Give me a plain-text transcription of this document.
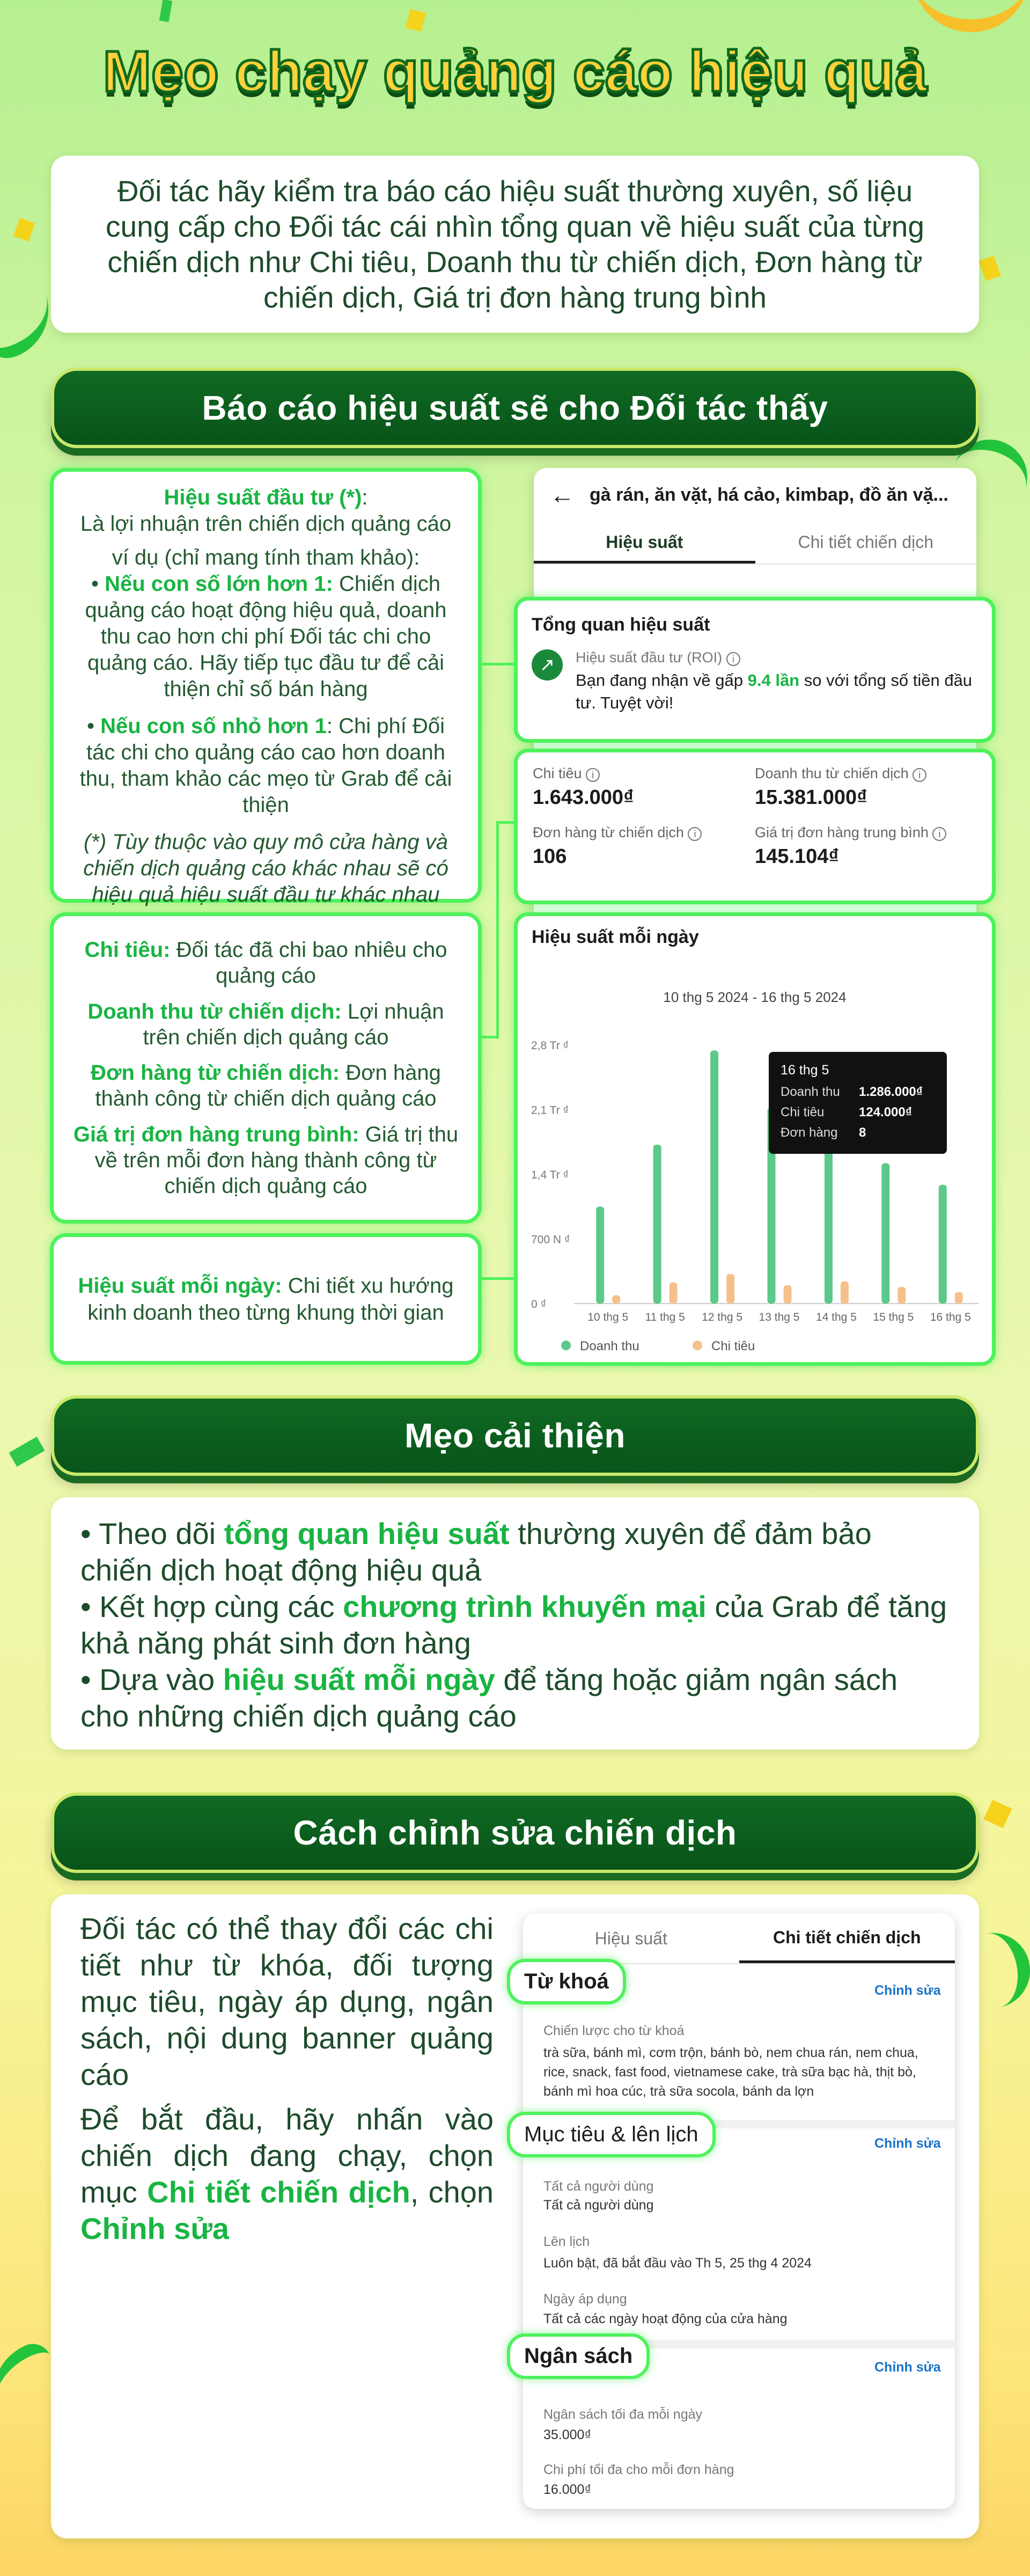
Mẹo chạy quảng cáo hiệu quả
Đối tác hãy kiểm tra báo cáo hiệu suất thường xuyên, số liệu cung cấp cho Đối tác cái nhìn tổng quan về hiệu suất của từng chiến dịch như Chi tiêu, Doanh thu từ chiến dịch, Đơn hàng từ chiến dịch, Giá trị đơn hàng trung bình
Báo cáo hiệu suất sẽ cho Đối tác thấy
Hiệu suất đầu tư (*):
Là lợi nhuận trên chiến dịch quảng cáo
ví dụ (chỉ mang tính tham khảo):
• Nếu con số lớn hơn 1: Chiến dịch quảng cáo hoạt động hiệu quả, doanh thu cao hơn chi phí Đối tác chi cho quảng cáo. Hãy tiếp tục đầu tư để cải thiện chỉ số bán hàng
• Nếu con số nhỏ hơn 1: Chi phí Đối tác chi cho quảng cáo cao hơn doanh thu, tham khảo các mẹo từ Grab để cải thiện
(*) Tùy thuộc vào quy mô cửa hàng và chiến dịch quảng cáo khác nhau sẽ có hiệu quả hiệu suất đầu tư khác nhau
Chi tiêu: Đối tác đã chi bao nhiêu cho quảng cáo
Doanh thu từ chiến dịch: Lợi nhuận trên chiến dịch quảng cáo
Đơn hàng từ chiến dịch: Đơn hàng thành công từ chiến dịch quảng cáo
Giá trị đơn hàng trung bình: Giá trị thu về trên mỗi đơn hàng thành công từ chiến dịch quảng cáo
Hiệu suất mỗi ngày: Chi tiết xu hướng kinh doanh theo từng khung thời gian
← gà rán, ăn vặt, há cảo, kimbap, đồ ăn vặ...
Hiệu suất	Chi tiết chiến dịch
Tổng quan hiệu suất
↗	Hiệu suất đầu tư (ROI) i
Bạn đang nhận về gấp 9.4 lần so với tổng số tiền đầu tư. Tuyệt vời!
Chi tiêu i
1.643.000₫
Doanh thu từ chiến dịch i
15.381.000₫
Đơn hàng từ chiến dịch i
106
Giá trị đơn hàng trung bình i
145.104₫
Hiệu suất mỗi ngày
10 thg 5 2024 - 16 thg 5 2024
2,8 Tr ₫
2,1 Tr ₫
1,4 Tr ₫
700 N ₫
0 ₫
10 thg 5 11 thg 5 12 thg 5 13 thg 5 14 thg 5 15 thg 5 16 thg 5
Doanh thu	Chi tiêu
16 thg 5
Doanh thu 1.286.000₫
Chi tiêu	124.000₫
Đơn hàng 8
Mẹo cải thiện
• Theo dõi tổng quan hiệu suất thường xuyên để đảm bảo chiến dịch hoạt động hiệu quả
• Kết hợp cùng các chương trình khuyến mại của Grab để tăng khả năng phát sinh đơn hàng
• Dựa vào hiệu suất mỗi ngày để tăng hoặc giảm ngân sách cho những chiến dịch quảng cáo
Cách chỉnh sửa chiến dịch
Đối tác có thể thay đổi các chi tiết như từ khóa, đối tượng mục tiêu, ngày áp dụng, ngân sách, nội dung banner quảng cáo
Để bắt đầu, hãy nhấn vào chiến dịch đang chạy, chọn mục Chi tiết chiến dịch, chọn Chỉnh sửa
Hiệu suất	Chi tiết chiến dịch
Chỉnh sửa
Chiến lược cho từ khoá
trà sữa, bánh mì, cơm trộn, bánh bò, nem chua rán, nem chua, rice, snack, fast food, vietnamese cake, trà sữa bạc hà, thịt bò, bánh mì hoa cúc, trà sữa socola, bánh da lợn
Chỉnh sửa
Tất cả người dùng
Tất cả người dùng
Lên lịch
Luôn bật, đã bắt đầu vào Th 5, 25 thg 4 2024
Ngày áp dụng
Tất cả các ngày hoạt động của cửa hàng
Chỉnh sửa
Ngân sách tối đa mỗi ngày
35.000₫
Chi phí tối đa cho mỗi đơn hàng
16.000₫
Từ khoá
Mục tiêu & lên lịch
Ngân sách
